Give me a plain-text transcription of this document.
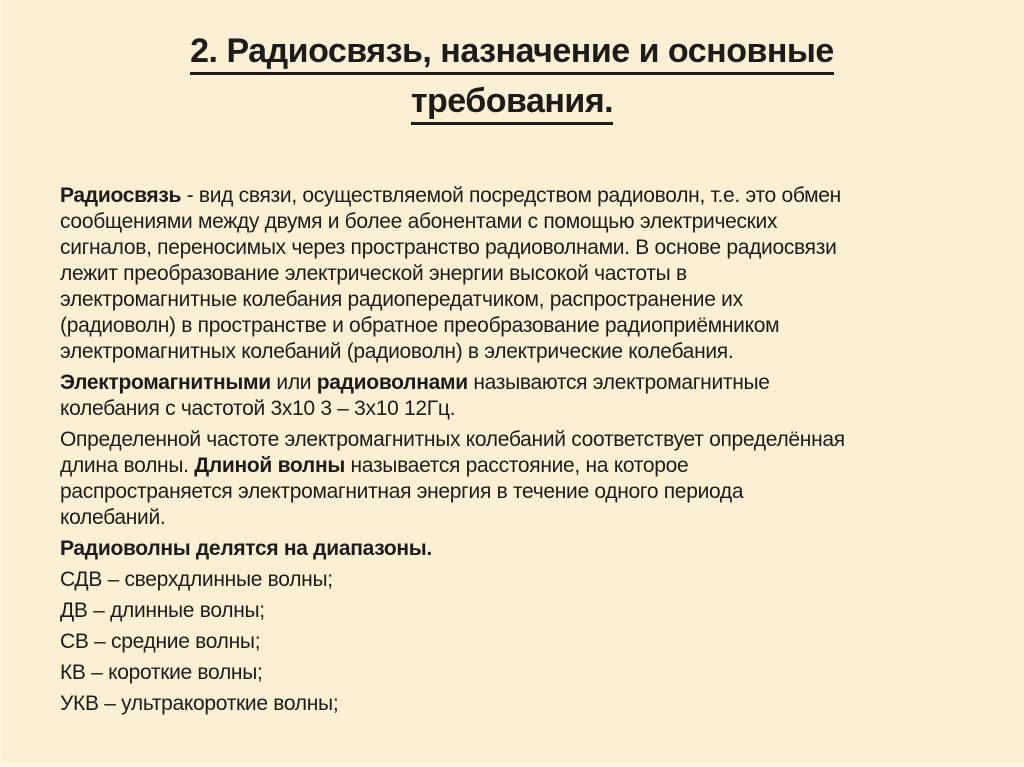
2. Радиосвязь, назначение и основные
требования.
Радиосвязь - вид связи, осуществляемой посредством радиоволн, т.е. это обмен
сообщениями между двумя и более абонентами с помощью электрических
сигналов, переносимых через пространство радиоволнами. В основе радиосвязи
лежит преобразование электрической энергии высокой частоты в
электромагнитные колебания радиопередатчиком, распространение их
(радиоволн) в пространстве и обратное преобразование радиоприёмником
электромагнитных колебаний (радиоволн) в электрические колебания.
Электромагнитными или радиоволнами называются электромагнитные
колебания с частотой 3х10 3 – 3х10 12Гц.
Определенной частоте электромагнитных колебаний соответствует определённая
длина волны. Длиной волны называется расстояние, на которое
распространяется электромагнитная энергия в течение одного периода
колебаний.
Радиоволны делятся на диапазоны.
СДВ – сверхдлинные волны;
ДВ – длинные волны;
СВ – средние волны;
КВ – короткие волны;
УКВ – ультракороткие волны;
